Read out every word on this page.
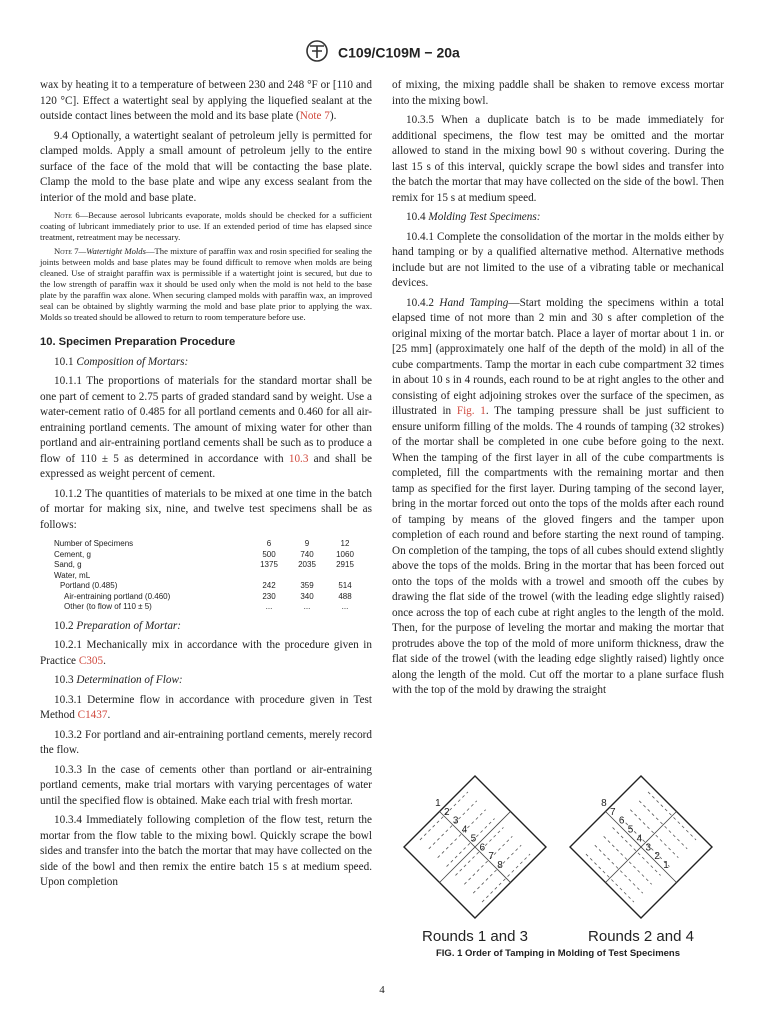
C109/C109M − 20a

wax by heating it to a temperature of between 230 and 248 °F or [110 and 120 °C]. Effect a watertight seal by applying the liquefied sealant at the outside contact lines between the mold and its base plate (Note 7).

9.4 Optionally, a watertight sealant of petroleum jelly is permitted for clamped molds. Apply a small amount of petroleum jelly to the entire surface of the face of the mold that will be contacting the base plate. Clamp the mold to the base plate and wipe any excess sealant from the interior of the mold and base plate.

Note 6—Because aerosol lubricants evaporate, molds should be checked for a sufficient coating of lubricant immediately prior to use. If an extended period of time has elapsed since treatment, retreatment may be necessary.

Note 7—Watertight Molds—The mixture of paraffin wax and rosin specified for sealing the joints between molds and base plates may be found difficult to remove when molds are being cleaned. Use of straight paraffin wax is permissible if a watertight joint is secured, but due to the low strength of paraffin wax it should be used only when the mold is not held to the base plate by the paraffin wax alone. When securing clamped molds with paraffin wax, an improved seal can be obtained by slightly warming the mold and base plate prior to applying the wax. Molds so treated should be allowed to return to room temperature before use.

10. Specimen Preparation Procedure

10.1 Composition of Mortars:

10.1.1 The proportions of materials for the standard mortar shall be one part of cement to 2.75 parts of graded standard sand by weight. Use a water-cement ratio of 0.485 for all portland cements and 0.460 for all air-entraining portland cements. The amount of mixing water for other than portland and air-entraining portland cements shall be such as to produce a flow of 110 ± 5 as determined in accordance with 10.3 and shall be expressed as weight percent of cement.

10.1.2 The quantities of materials to be mixed at one time in the batch of mortar for making six, nine, and twelve test specimens shall be as follows:

Number of Specimens	6	9	12
Cement, g	500	740	1060
Sand, g	1375	2035	2915
Water, mL			
Portland (0.485)	242	359	514
Air-entraining portland (0.460)	230	340	488
Other (to flow of 110 ± 5)	...	...	...

10.2 Preparation of Mortar:

10.2.1 Mechanically mix in accordance with the procedure given in Practice C305.

10.3 Determination of Flow:

10.3.1 Determine flow in accordance with procedure given in Test Method C1437.

10.3.2 For portland and air-entraining portland cements, merely record the flow.

10.3.3 In the case of cements other than portland or air-entraining portland cements, make trial mortars with varying percentages of water until the specified flow is obtained. Make each trial with fresh mortar.

10.3.4 Immediately following completion of the flow test, return the mortar from the flow table to the mixing bowl. Quickly scrape the bowl sides and transfer into the batch the mortar that may have collected on the side of the bowl and then remix the entire batch 15 s at medium speed. Upon completion

of mixing, the mixing paddle shall be shaken to remove excess mortar into the mixing bowl.

10.3.5 When a duplicate batch is to be made immediately for additional specimens, the flow test may be omitted and the mortar allowed to stand in the mixing bowl 90 s without covering. During the last 15 s of this interval, quickly scrape the bowl sides and transfer into the batch the mortar that may have collected on the side of the bowl. Then remix for 15 s at medium speed.

10.4 Molding Test Specimens:

10.4.1 Complete the consolidation of the mortar in the molds either by hand tamping or by a qualified alternative method. Alternative methods include but are not limited to the use of a vibrating table or mechanical devices.

10.4.2 Hand Tamping—Start molding the specimens within a total elapsed time of not more than 2 min and 30 s after completion of the original mixing of the mortar batch. Place a layer of mortar about 1 in. or [25 mm] (approximately one half of the depth of the mold) in all of the cube compartments. Tamp the mortar in each cube compartment 32 times in about 10 s in 4 rounds, each round to be at right angles to the other and consisting of eight adjoining strokes over the surface of the specimen, as illustrated in Fig. 1. The tamping pressure shall be just sufficient to ensure uniform filling of the molds. The 4 rounds of tamping (32 strokes) of the mortar shall be completed in one cube before going to the next. When the tamping of the first layer in all of the cube compartments is completed, fill the compartments with the remaining mortar and then tamp as specified for the first layer. During tamping of the second layer, bring in the mortar forced out onto the tops of the molds after each round of tamping by means of the gloved fingers and the tamper upon completion of each round and before starting the next round of tamping. On completion of the tamping, the tops of all cubes should extend slightly above the tops of the molds. Bring in the mortar that has been forced out onto the tops of the molds with a trowel and smooth off the cubes by drawing the flat side of the trowel (with the leading edge slightly raised) once across the top of each cube at right angles to the length of the mold. Then, for the purpose of leveling the mortar and making the mortar that protrudes above the top of the mold of more uniform thickness, draw the flat side of the trowel (with the leading edge slightly raised) lightly once along the length of the mold. Cut off the mortar to a plane surface flush with the top of the mold by drawing the straight

1
2
3
4
5
6
7
8	1
2
3
4
5
6
7
8
Rounds 1 and 3	Rounds 2 and 4
FIG. 1 Order of Tamping in Molding of Test Specimens
4
